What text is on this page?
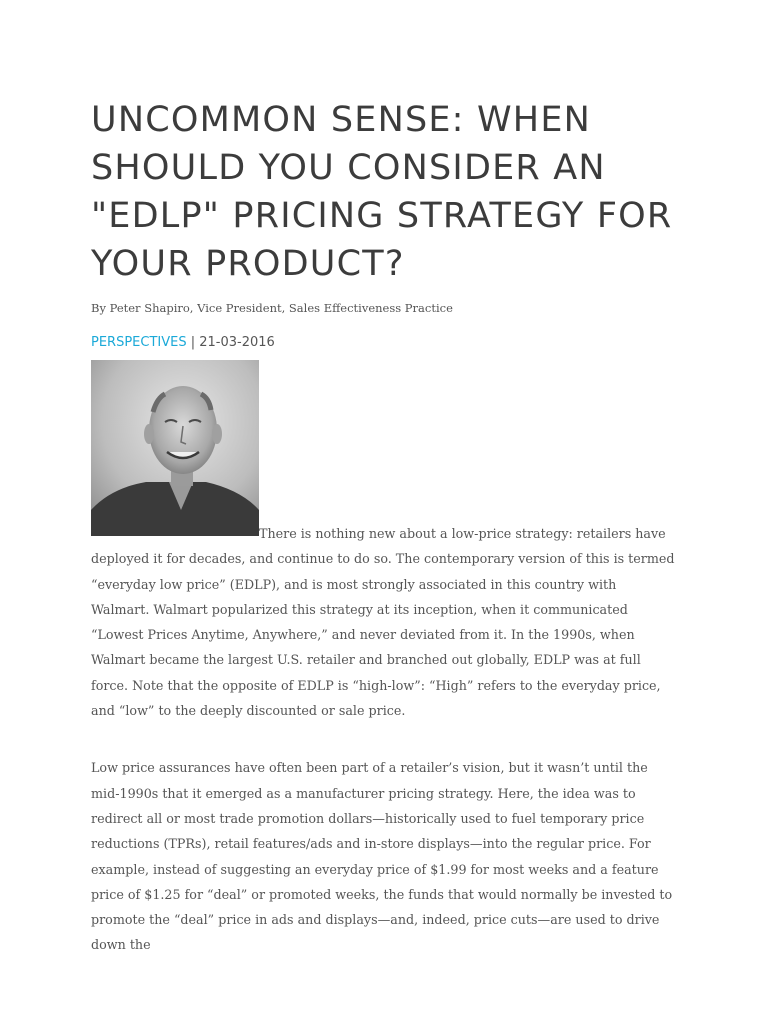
UNCOMMON SENSE: WHEN SHOULD YOU CONSIDER AN "EDLP" PRICING STRATEGY FOR YOUR PRODUCT?
By Peter Shapiro, Vice President, Sales Effectiveness Practice
PERSPECTIVES | 21-03-2016

There is nothing new about a low-price strategy: retailers have deployed it for decades, and continue to do so. The contemporary version of this is termed “everyday low price” (EDLP), and is most strongly associated in this country with Walmart. Walmart popularized this strategy at its inception, when it communicated “Lowest Prices Anytime, Anywhere,” and never deviated from it. In the 1990s, when Walmart became the largest U.S. retailer and branched out globally, EDLP was at full force. Note that the opposite of EDLP is “high-low”: “High” refers to the everyday price, and “low” to the deeply discounted or sale price.

Low price assurances have often been part of a retailer’s vision, but it wasn’t until the mid-1990s that it emerged as a manufacturer pricing strategy. Here, the idea was to redirect all or most trade promotion dollars—historically used to fuel temporary price reductions (TPRs), retail features/ads and in-store displays—into the regular price. For example, instead of suggesting an everyday price of $1.99 for most weeks and a feature price of $1.25 for “deal” or promoted weeks, the funds that would normally be invested to promote the “deal” price in ads and displays—and, indeed, price cuts—are used to drive down the
